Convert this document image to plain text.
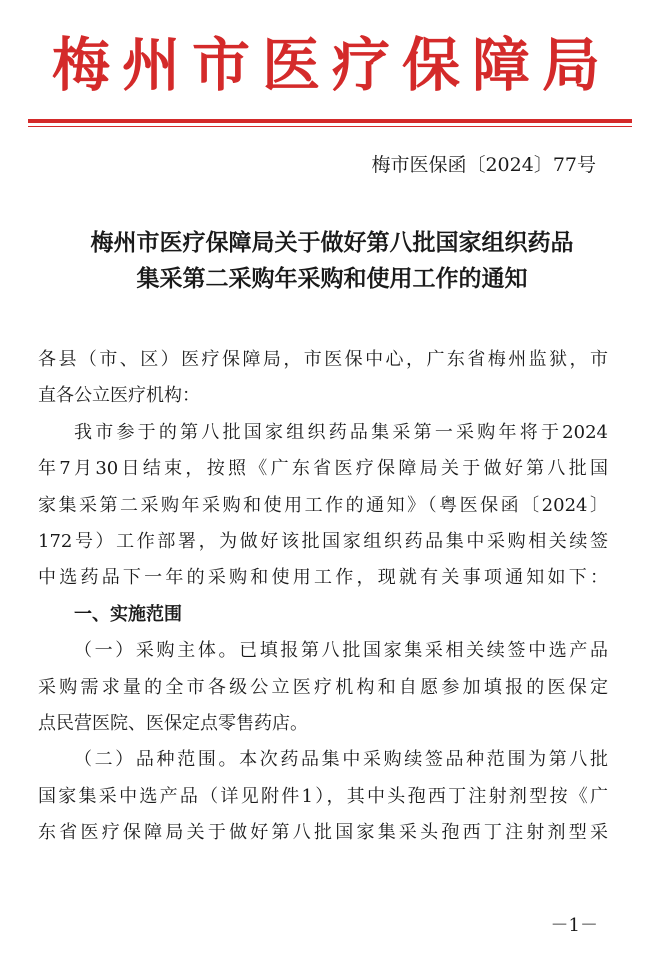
梅州市医疗保障局
梅市医保函〔2024〕77号
梅州市医疗保障局关于做好第八批国家组织药品
集采第二采购年采购和使用工作的通知
各县（市、区）医疗保障局，市医保中心，广东省梅州监狱，市
直各公立医疗机构：
我市参于的第八批国家组织药品集采第一采购年将于2024
年7月30日结束，按照《广东省医疗保障局关于做好第八批国
家集采第二采购年采购和使用工作的通知》（粤医保函〔2024〕
172号）工作部署，为做好该批国家组织药品集中采购相关续签
中选药品下一年的采购和使用工作，现就有关事项通知如下：
一、实施范围
（一）采购主体。已填报第八批国家集采相关续签中选产品
采购需求量的全市各级公立医疗机构和自愿参加填报的医保定
点民营医院、医保定点零售药店。
（二）品种范围。本次药品集中采购续签品种范围为第八批
国家集采中选产品（详见附件1），其中头孢西丁注射剂型按《广
东省医疗保障局关于做好第八批国家集采头孢西丁注射剂型采
－1－
